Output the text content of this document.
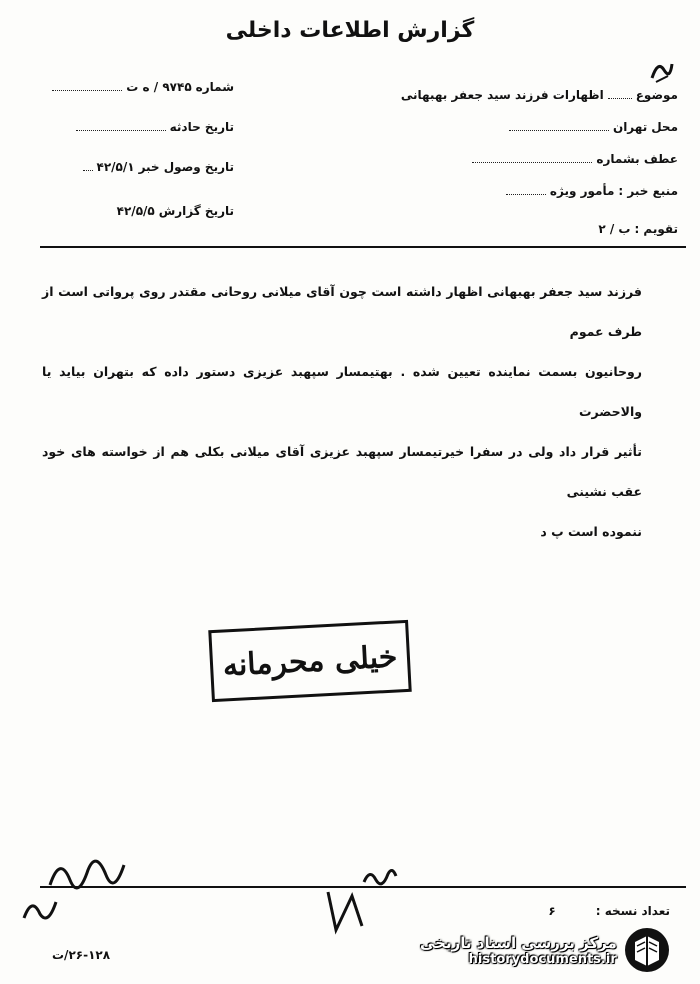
گزارش اطلاعات داخلی
موضوع
اظهارات فرزند سید جعفر بهبهانی
محل
تهران
عطف بشماره
منبع خبر :
مأمور ویژه
تقویم :
ب / ۲
شماره
۹۷۴۵ / ه ت
تاریخ حادثه
تاریخ وصول خبر
۴۲/۵/۱
تاریخ گزارش
۴۲/۵/۵

فرزند سید جعفر بهبهانی اظهار داشته است چون آقای میلانی روحانی مقتدر روی پرواتی است از طرف عموم

روحانیون بسمت نماینده تعیین شده . بهتیمسار سپهبد عزیزی دستور داده که بتهران بیاید یا والاحضرت

تأثیر قرار داد ولی در سفرا خیرتیمسار سپهبد عزیزی آقای میلانی بکلی هم از خواسته های خود عقب نشینی

ننموده است پ د

خیلی محرمانه
تعداد نسخه :
۶
۲۶-۱۲۸/ت
مرکز بررسی اسناد تاریخی
historydocuments.ir
